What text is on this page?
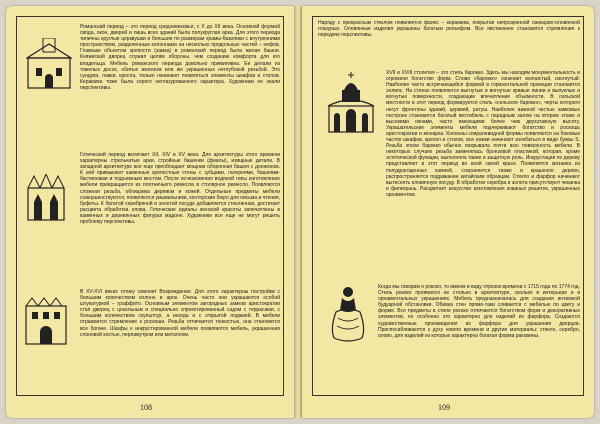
Романский период – это период средневековья, с X до XII века. Основной формой свода, окон, дверей и лишь всех зданий была полукруглая арка. Для этого периода типичны круглые церквушки и большие по размерам храмы-базилики с внутренними пространством, разделенным колоннами на несколько продольных частей – нефов. Главным объектом крепости (замка) в романский период была жилая башня. Княжеский дворец служил целям обороны, чем созданию комфорта для его владельца. Мебель романского периода довольно примитивна. Ее делали из тяжелых досок, обитых железом или же украшенных неглубокой резьбой. Это сундуки, лавки, кресла, только начинают появляться элементы шкафов и столов. Керамика тоже была серого неглазурованного характера. Художники не знали перспективы.

Готический период включает XII, XIV и XV века. Для архитектуры этого времени характерны стрельчатые арки, стройные башенки (фиалы), изящные детали. В западной архитектуре все еще преобладает мощная оборонная башня с донжоном. К ней примыкают каменные крепостные стены с зубцами, галереями, башнями-бастионами и подъемным мостом. После исчезновения водяной гипы изготовление мебели превращается из плотничьего ремесла в столярное ремесло. Появляются сложная резьба, облицовка деревом и кожей. Отдельные предметы мебели совершенствуются, появляются умывальники, конторские бюро для письма и чтения, буфеты. К богатой серебряной и золотой посуде добавляется стеклянная, достигает расцвета обработка олова. Готические идеалы женской красоты запечатлены в каменных и деревянных фигурах мадонн. Художники все еще не могут решить проблему перспективы.

В XV-XVI веках готику сменяет Возрождение. Для этого характерны постройки с большим количеством колонн и арок. Очень часто они украшаются особой штукатуркой – граффито. Основным элементом загородных замков аристократии стал дворец с цокольным и специально спроектированный садом с террасами, с большим количеством скульптур, а иногда и с открытой лоджией. В мебели отражается стремление к роскоши. Резьба отличается тонкостью, она становится все богаче. Шкафы к инкрустированной мебели появляются мебель, украшенная слоновой костью, перламутром или металлом.

108

Наряду с прекрасным стеклом появляется фаянс – керамика, покрытая непрозрачной свинцово-оловянной глазурью. Оловянные изделия украшены богатым рельефом. Все явственнее становится стремление к передаче перспективы.

XVII и XVIII столетия – это стиль барокко. Здесь мы находим монументальность и огромное богатство форм. Слово «барокко» означает волнистый, изогнутый. Наиболее часто встречающейся формой в горизонтальной проекции становится эллипс. На стенах появляются выгнутые и вогнутые кривые линии и выпуклые и вогнутые поверхности, создающие впечатление объемности. В сельской местности в этот период формируется стиль «сельское барокко», черты которого несут фронтоны зданий, церквей, ратуш. Наиболее важной частью замковых построек становится богатый вестибюль с парадным залом на втором этаже и высокими окнами, часто имеющими более чем двухэтажную высоту. Украшательские элементы мебели подчеркивают богатство и роскошь аристократии и монарха. Колонны спиралевидной формы появляются на боковых частях шкафов, кресел и столов, все ножки начинают изгибаться в виде буквы S. Резьба эпохи барокко обычно покрывала почти всю поверхность мебели. В некоторых случаях резьба заменялась бронзовой пластикой, которая, кроме эстетической функции, выполняла также и защитную роль. Инкрустация по дереву представляет в этот период во всей своей красе. Появляется мозаика из полудрагоценных камней, сохраняется также и крашеное дерево, распространяется подражание китайским образцам. Стекло и фарфор начинают вытеснять оловянную посуду. В обработке серебра и золота присутствуют чеканка и филигрань. Расцветает искусство изготовления кованых решеток, украшенных орнаментом.

Когда мы говорим о рококо, то имеем в виду отрезок времени с 1715 года по 1774 год. Стиль рококо проявился не столько в архитектуре, сколько в интерьере и в орнаментальных украшениях. Мебель предназначалась для создания интимной будуарной обстановки. Обивка стен прямо-таки сливается с мебелью по цвету и форме. Все предметы в стиле рококо отличаются богатством форм и декоративных элементов, но особенно это характерно для изделий из фарфора. Создаются художественные произведения из фарфора для украшения дворцов. Приспосабливаются к духу нового времени и другие материалы: стекло, серебро, олово, для изделий из которых характерна богатая форма раковины.

109
